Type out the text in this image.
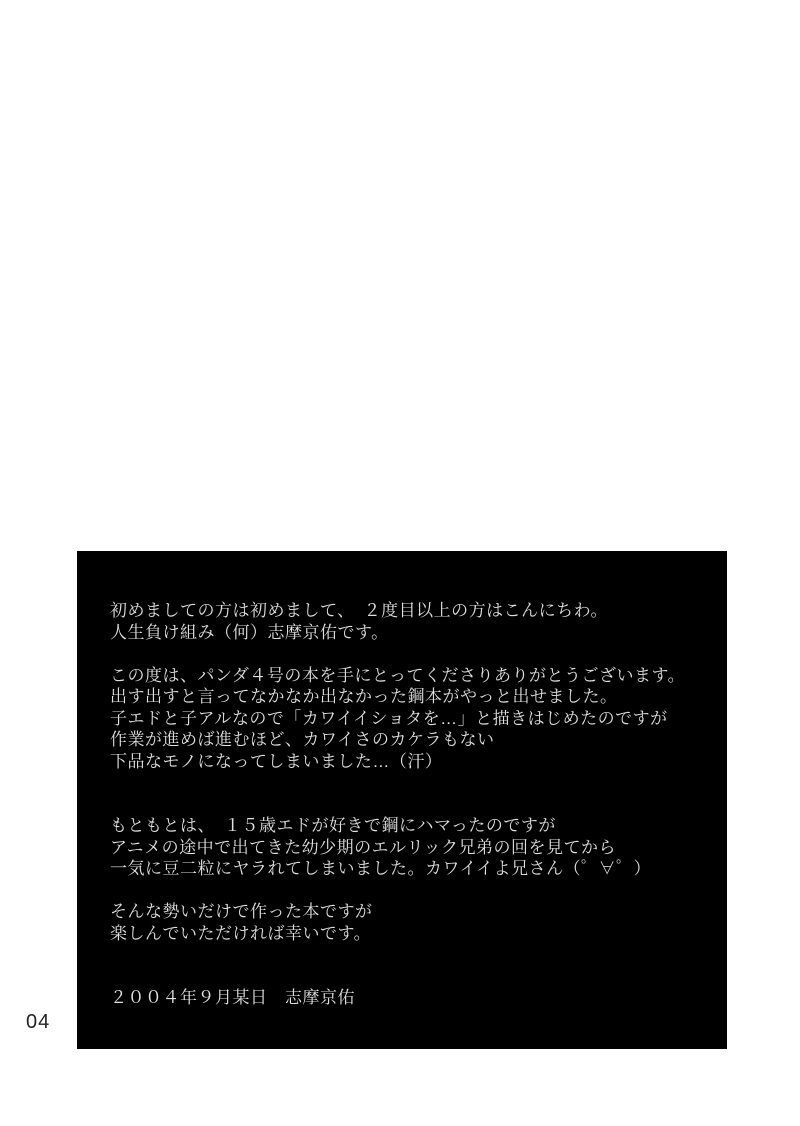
初めましての方は初めまして、　２度目以上の方はこんにちわ。
人生負け組み（何）志摩京佑です。
この度は、パンダ４号の本を手にとってくださりありがとうございます。
出す出すと言ってなかなか出なかった鋼本がやっと出せました。
子エドと子アルなので「カワイイショタを…」と描きはじめたのですが
作業が進めば進むほど、カワイさのカケラもない
下品なモノになってしまいました…（汗）
もともとは、　１５歳エドが好きで鋼にハマったのですが
アニメの途中で出てきた幼少期のエルリック兄弟の回を見てから
一気に豆二粒にヤラれてしまいました。カワイイよ兄さん（゜∀゜）
そんな勢いだけで作った本ですが
楽しんでいただければ幸いです。
２００４年９月某日　志摩京佑
04
